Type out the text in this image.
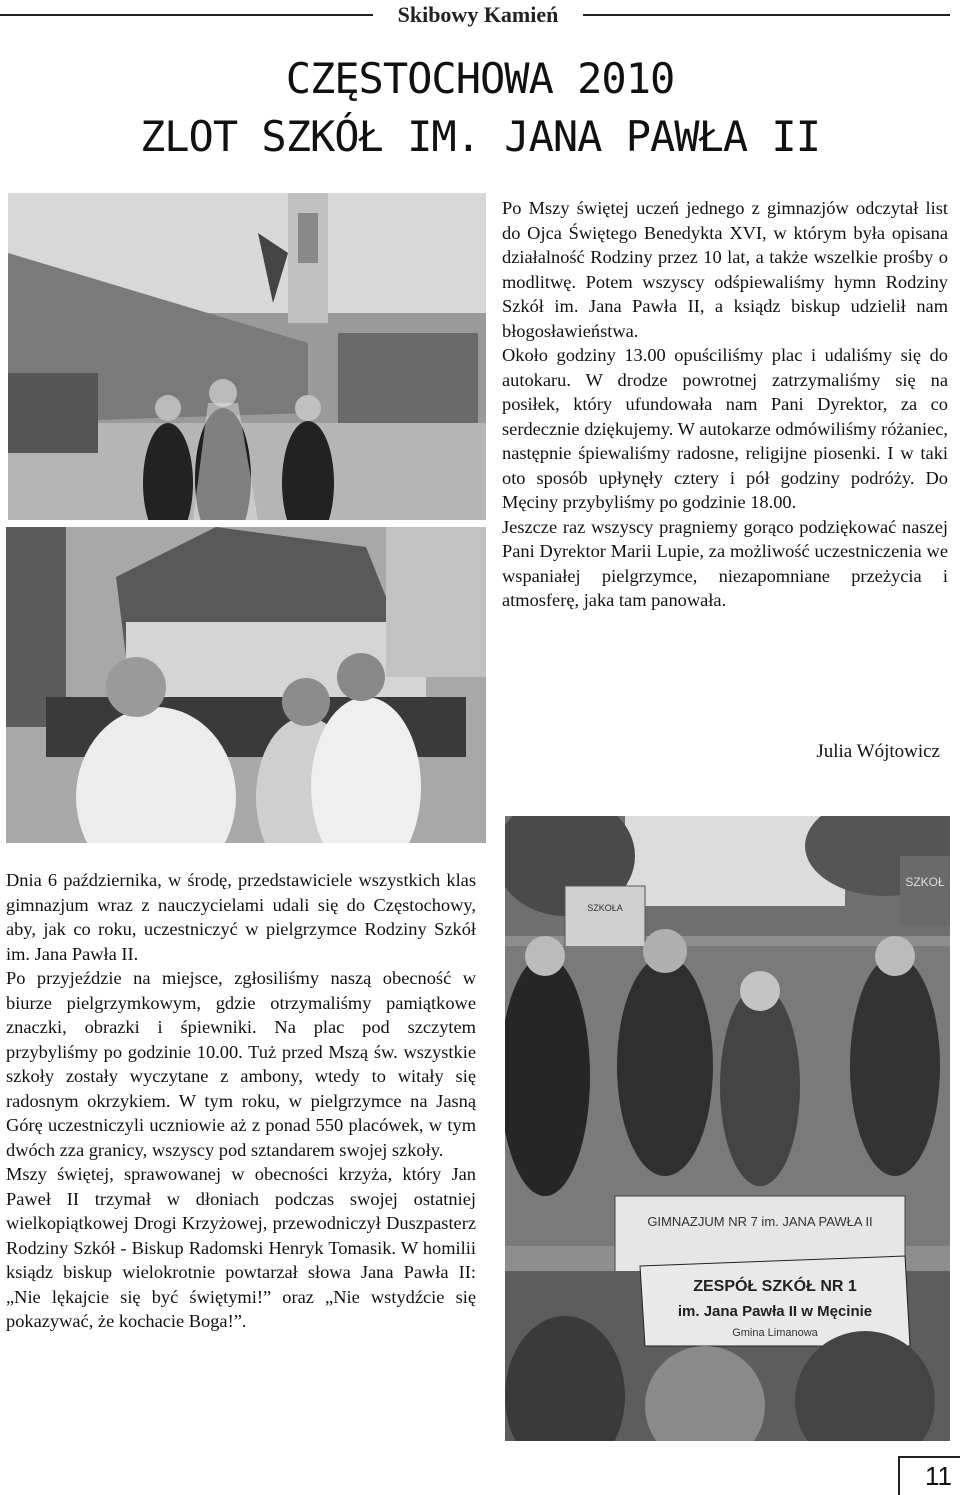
Skibowy Kamień
CZĘSTOCHOWA 2010
ZLOT SZKÓŁ IM. JANA PAWŁA II

Po Mszy świętej uczeń jednego z gimnazjów odczytał list do Ojca Świętego Benedykta XVI, w którym była opisana działalność Rodziny przez 10 lat, a także wszelkie prośby o modlitwę. Potem wszyscy odśpiewaliśmy hymn Rodziny Szkół im. Jana Pawła II, a ksiądz biskup udzielił nam błogosławieństwa.

Około godziny 13.00 opuściliśmy plac i udaliśmy się do autokaru. W drodze powrotnej zatrzymaliśmy się na posiłek, który ufundowała nam Pani Dyrektor, za co serdecznie dziękujemy. W autokarze odmówiliśmy różaniec, następnie śpiewaliśmy radosne, religijne piosenki. I w taki oto sposób upłynęły cztery i pół godziny podróży. Do Męciny przybyliśmy po godzinie 18.00.

Jeszcze raz wszyscy pragniemy gorąco podziękować naszej Pani Dyrektor Marii Lupie, za możliwość uczestniczenia we wspaniałej pielgrzymce, niezapomniane przeżycia i atmosferę, jaka tam panowała.

Julia Wójtowicz
SZKOŁA
SZKOŁ
GIMNAZJUM NR 7 im. JANA PAWŁA II
ZESPÓŁ SZKÓŁ NR 1
im. Jana Pawła II w Męcinie
Gmina Limanowa

Dnia 6 października, w środę, przedstawiciele wszystkich klas gimnazjum wraz z nauczycielami udali się do Częstochowy, aby, jak co roku, uczestniczyć w pielgrzymce Rodziny Szkół im. Jana Pawła II.

Po przyjeździe na miejsce, zgłosiliśmy naszą obecność w biurze pielgrzymkowym, gdzie otrzymaliśmy pamiątkowe znaczki, obrazki i śpiewniki. Na plac pod szczytem przybyliśmy po godzinie 10.00. Tuż przed Mszą św. wszystkie szkoły zostały wyczytane z ambony, wtedy to witały się radosnym okrzykiem. W tym roku, w pielgrzymce na Jasną Górę uczestniczyli uczniowie aż z ponad 550 placówek, w tym dwóch zza granicy, wszyscy pod sztandarem swojej szkoły.

Mszy świętej, sprawowanej w obecności krzyża, który Jan Paweł II trzymał w dłoniach podczas swojej ostatniej wielkopiątkowej Drogi Krzyżowej, przewodniczył Duszpasterz Rodziny Szkół - Biskup Radomski Henryk Tomasik. W homilii ksiądz biskup wielokrotnie powtarzał słowa Jana Pawła II: „Nie lękajcie się być świętymi!” oraz „Nie wstydźcie się pokazywać, że kochacie Boga!”.

11
